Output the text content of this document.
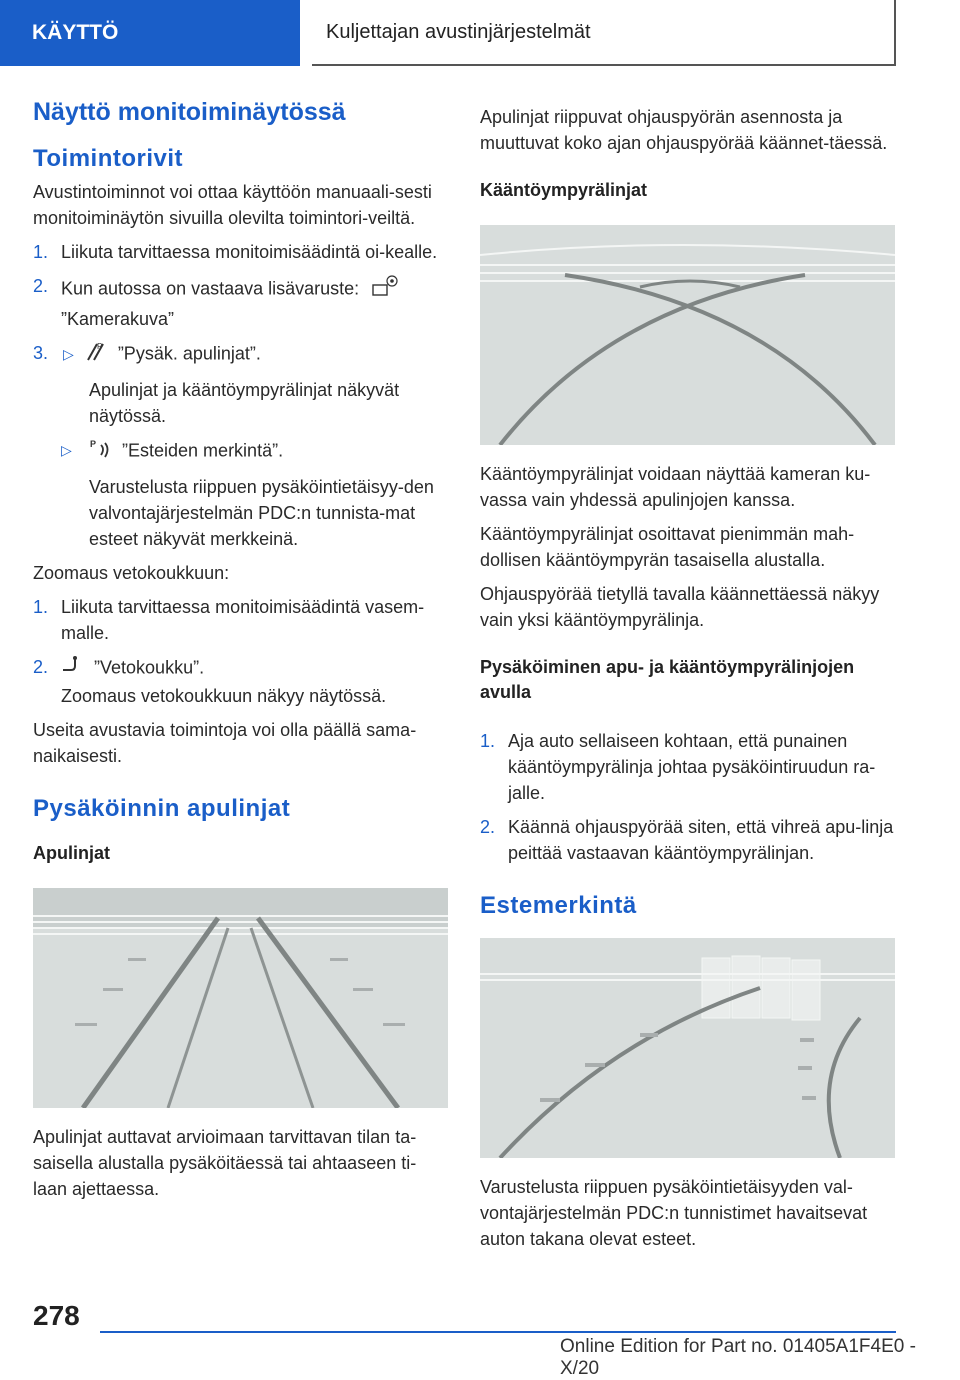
KÄYTTÖ	Kuljettajan avustinjärjestelmät
Näyttö monitoiminäytössä
Toimintorivit

Avustintoiminnot voi ottaa käyttöön manuaali-sesti monitoiminäytön sivuilla olevilta toimintori-veiltä.

1. Liikuta tarvittaessa monitoimisäädintä oi-kealle.
2. Kun autossa on vastaava lisävaruste:
”Kamerakuva”
3. ▷	P ”Pysäk. apulinjat”.
Apulinjat ja kääntöympyrälinjat näkyvät näytössä.
▷ P ”Esteiden merkintä”.
Varustelusta riippuen pysäköintietäisyy-den valvontajärjestelmän PDC:n tunnista-mat esteet näkyvät merkkeinä.

Zoomaus vetokoukkuun:

1. Liikuta tarvittaessa monitoimisäädintä vasem-malle.
2.	”Vetokoukku”.
Zoomaus vetokoukkuun näkyy näytössä.

Useita avustavia toimintoja voi olla päällä sama-naikaisesti.

Pysäköinnin apulinjat
Apulinjat

Apulinjat auttavat arvioimaan tarvittavan tilan ta-saisella alustalla pysäköitäessä tai ahtaaseen ti-laan ajettaessa.

Apulinjat riippuvat ohjauspyörän asennosta ja muuttuvat koko ajan ohjauspyörää käännet-täessä.

Kääntöympyrälinjat

Kääntöympyrälinjat voidaan näyttää kameran ku-vassa vain yhdessä apulinjojen kanssa.

Kääntöympyrälinjat osoittavat pienimmän mah-dollisen kääntöympyrän tasaisella alustalla.

Ohjauspyörää tietyllä tavalla käännettäessä näkyy vain yksi kääntöympyrälinja.

Pysäköiminen apu- ja kääntöympyrälinjojen avulla
1. Aja auto sellaiseen kohtaan, että punainen kääntöympyrälinja johtaa pysäköintiruudun ra-jalle.
2. Käännä ohjauspyörää siten, että vihreä apu-linja peittää vastaavan kääntöympyrälinjan.
Estemerkintä

Varustelusta riippuen pysäköintietäisyyden val-vontajärjestelmän PDC:n tunnistimet havaitsevat auton takana olevat esteet.

278
Online Edition for Part no. 01405A1F4E0 - X/20
